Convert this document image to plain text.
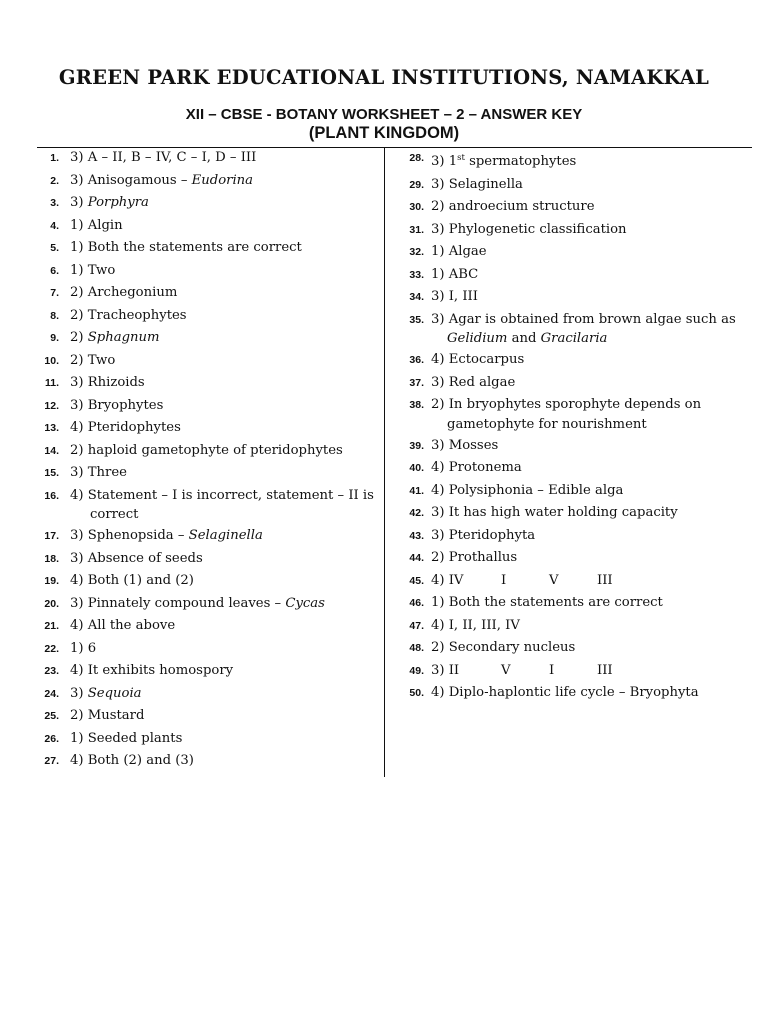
GREEN PARK EDUCATIONAL INSTITUTIONS, NAMAKKAL
XII – CBSE - BOTANY WORKSHEET – 2 – ANSWER KEY
(PLANT KINGDOM)
1. 3) A – II, B – IV, C – I, D – III
2. 3) Anisogamous – Eudorina
3. 3) Porphyra
4. 1) Algin
5. 1) Both the statements are correct
6. 1) Two
7. 2) Archegonium
8. 2) Tracheophytes
9. 2) Sphagnum
10. 2) Two
11. 3) Rhizoids
12. 3) Bryophytes
13. 4) Pteridophytes
14. 2) haploid gametophyte of pteridophytes
15. 3) Three
16. 4) Statement – I is incorrect, statement – II is
correct
17. 3) Sphenopsida – Selaginella
18. 3) Absence of seeds
19. 4) Both (1) and (2)
20. 3) Pinnately compound leaves – Cycas
21. 4) All the above
22. 1) 6
23. 4) It exhibits homospory
24. 3) Sequoia
25. 2) Mustard
26. 1) Seeded plants
27. 4) Both (2) and (3)
28. 3) 1st spermatophytes
29. 3) Selaginella
30. 2) androecium structure
31. 3) Phylogenetic classification
32. 1) Algae
33. 1) ABC
34. 3) I, III
35. 3) Agar is obtained from brown algae such as
Gelidium and Gracilaria
36. 4) Ectocarpus
37. 3) Red algae
38. 2) In bryophytes sporophyte depends on
gametophyte for nourishment
39. 3) Mosses
40. 4) Protonema
41. 4) Polysiphonia – Edible alga
42. 3) It has high water holding capacity
43. 3) Pteridophyta
44. 2) Prothallus
45. 4) IV	I	V	III
46. 1) Both the statements are correct
47. 4) I, II, III, IV
48. 2) Secondary nucleus
49. 3) II	V	I	III
50. 4) Diplo-haplontic life cycle – Bryophyta
